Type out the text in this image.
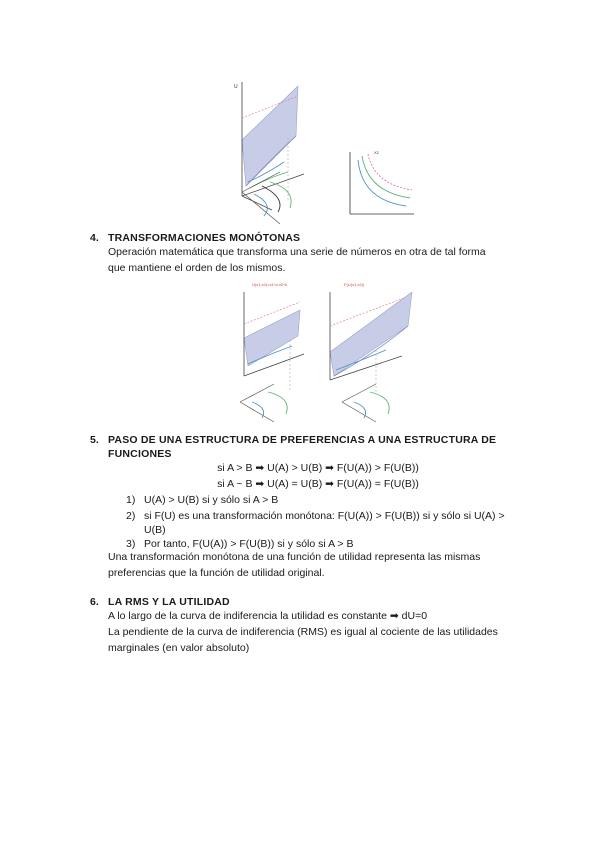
U
X2
4. TRANSFORMACIONES MONÓTONAS
Operación matemática que transforma una serie de números en otra de tal forma
que mantiene el orden de los mismos.
U(x1,x2)=x1^a x2^b	F(U(x1,x2))
5. PASO DE UNA ESTRUCTURA DE PREFERENCIAS A UNA ESTRUCTURA DE
FUNCIONES
si A > B ➡ U(A) > U(B) ➡ F(U(A)) > F(U(B))
si A ~ B ➡ U(A) = U(B) ➡ F(U(A)) = F(U(B))
1) U(A) > U(B) si y sólo si A > B
2) si F(U) es una transformación monótona: F(U(A)) > F(U(B)) si y sólo si U(A) >
U(B)
3) Por tanto, F(U(A)) > F(U(B)) si y sólo si A > B
Una transformación monótona de una función de utilidad representa las mismas
preferencias que la función de utilidad original.
6. LA RMS Y LA UTILIDAD
A lo largo de la curva de indiferencia la utilidad es constante ➡ dU=0
La pendiente de la curva de indiferencia (RMS) es igual al cociente de las utilidades
marginales (en valor absoluto)
